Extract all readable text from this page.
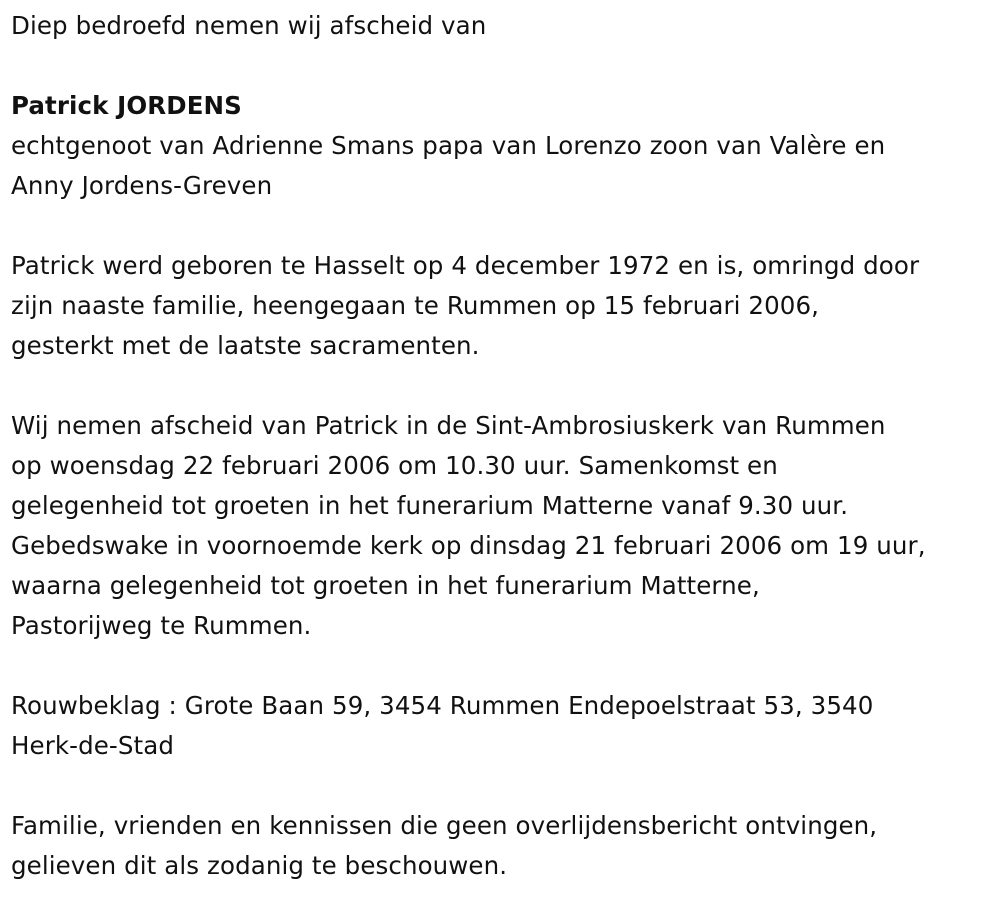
Diep bedroefd nemen wij afscheid van

Patrick JORDENS

echtgenoot van Adrienne Smans papa van Lorenzo zoon van Valère en
Anny Jordens-Greven

Patrick werd geboren te Hasselt op 4 december 1972 en is, omringd door
zijn naaste familie, heengegaan te Rummen op 15 februari 2006,
gesterkt met de laatste sacramenten.

Wij nemen afscheid van Patrick in de Sint-Ambrosiuskerk van Rummen
op woensdag 22 februari 2006 om 10.30 uur. Samenkomst en
gelegenheid tot groeten in het funerarium Matterne vanaf 9.30 uur.
Gebedswake in voornoemde kerk op dinsdag 21 februari 2006 om 19 uur,
waarna gelegenheid tot groeten in het funerarium Matterne,
Pastorijweg te Rummen.

Rouwbeklag : Grote Baan 59, 3454 Rummen Endepoelstraat 53, 3540
Herk-de-Stad

Familie, vrienden en kennissen die geen overlijdensbericht ontvingen,
gelieven dit als zodanig te beschouwen.
